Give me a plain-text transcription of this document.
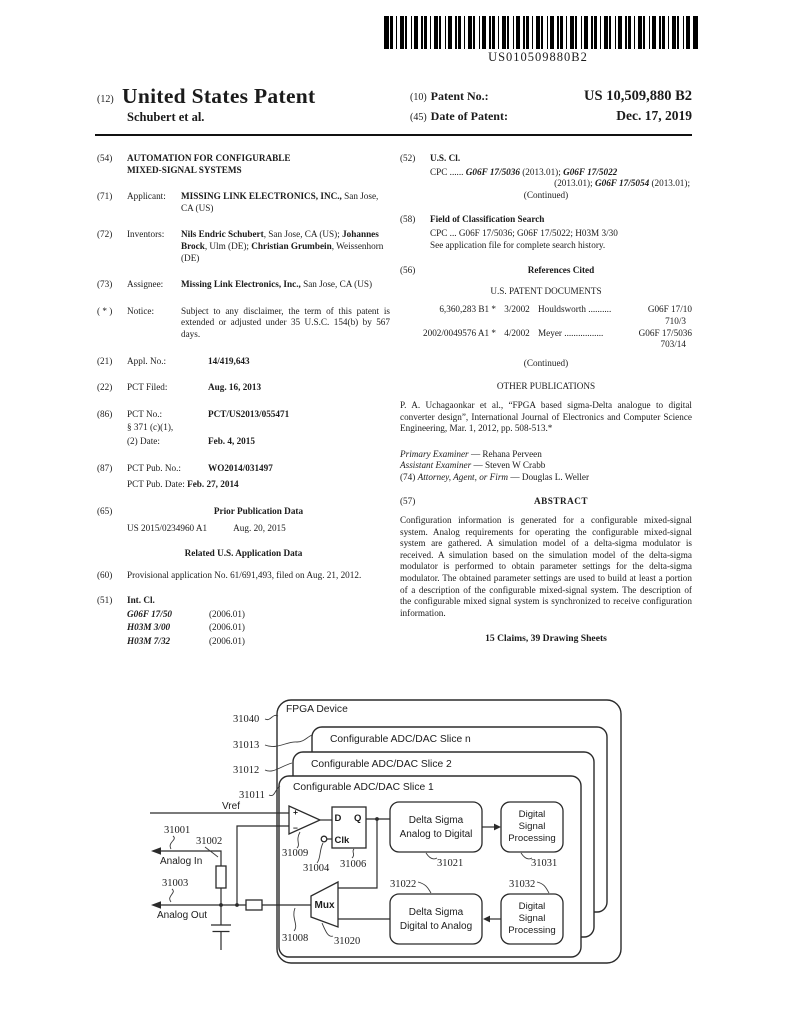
US010509880B2
(12) United States Patent
Schubert et al.
(10) Patent No.:	US 10,509,880 B2
(45) Date of Patent:	Dec. 17, 2019
(54)	AUTOMATION FOR CONFIGURABLE
MIXED-SIGNAL SYSTEMS
(71)	Applicant:	MISSING LINK ELECTRONICS, INC., San Jose, CA (US)
(72)	Inventors:	Nils Endric Schubert, San Jose, CA (US); Johannes Brock, Ulm (DE); Christian Grumbein, Weissenhorn (DE)
(73)	Assignee:	Missing Link Electronics, Inc., San Jose, CA (US)
( * )	Notice:	Subject to any disclaimer, the term of this patent is extended or adjusted under 35 U.S.C. 154(b) by 567 days.
(21)	Appl. No.:	14/419,643
(22)	PCT Filed:	Aug. 16, 2013
(86)	PCT No.:	PCT/US2013/055471
§ 371 (c)(1),
(2) Date:	Feb. 4, 2015
(87)	PCT Pub. No.:	WO2014/031497
PCT Pub. Date:
Feb. 27, 2014
(65)	Prior Publication Data
US 2015/0234960 A1	Aug. 20, 2015
Related U.S. Application Data
(60)	Provisional application No. 61/691,493, filed on Aug. 21, 2012.
(51)	Int. Cl.
G06F 17/50	(2006.01)
H03M 3/00	(2006.01)
H03M 7/32	(2006.01)
(52)	U.S. Cl.
CPC ...... G06F 17/5036 (2013.01); G06F 17/5022
(2013.01); G06F 17/5054 (2013.01);
(Continued)
(58)	Field of Classification Search
CPC ... G06F 17/5036; G06F 17/5022; H03M 3/30
See application file for complete search history.
(56)	References Cited
U.S. PATENT DOCUMENTS
6,360,283 B1 * 3/2002 Houldsworth ..........	G06F 17/10
710/3
2002/0049576 A1 * 4/2002 Meyer .................	G06F 17/5036
703/14
(Continued)
OTHER PUBLICATIONS
P. A. Uchagaonkar et al., “FPGA based sigma-Delta analogue to digital converter design”, International Journal of Electronics and Computer Science Engineering, Mar. 1, 2012, pp. 508-513.*
Primary Examiner — Rehana Perveen
Assistant Examiner — Steven W Crabb
(74) Attorney, Agent, or Firm — Douglas L. Weller
(57)	ABSTRACT
Configuration information is generated for a configurable mixed-signal system. Analog requirements for operating the configurable mixed-signal system are gathered. A simulation model of a delta-sigma modulator is received. A simulation based on the simulation model of the delta-sigma modulator is performed to obtain parameter settings for the delta-sigma modulator. The obtained parameter settings are used to build at least a portion of a description of the configurable mixed-signal system. The description of the configurable mixed signal system is synchronized to receive configuration information.
15 Claims, 39 Drawing Sheets
FPGA Device
Configurable ADC/DAC Slice n
Configurable ADC/DAC Slice 2
Configurable ADC/DAC Slice 1
+
−
D Q
Clk
Mux
Delta Sigma
Analog to Digital
Digital
Signal
Processing
Delta Sigma
Digital to Analog
Digital
Signal
Processing
Vref
Analog In
Analog Out
31040
31013
31012
31011
31001
31002
31003
31009
31004 31006	31021	31031
31022	31032
31008 31020
